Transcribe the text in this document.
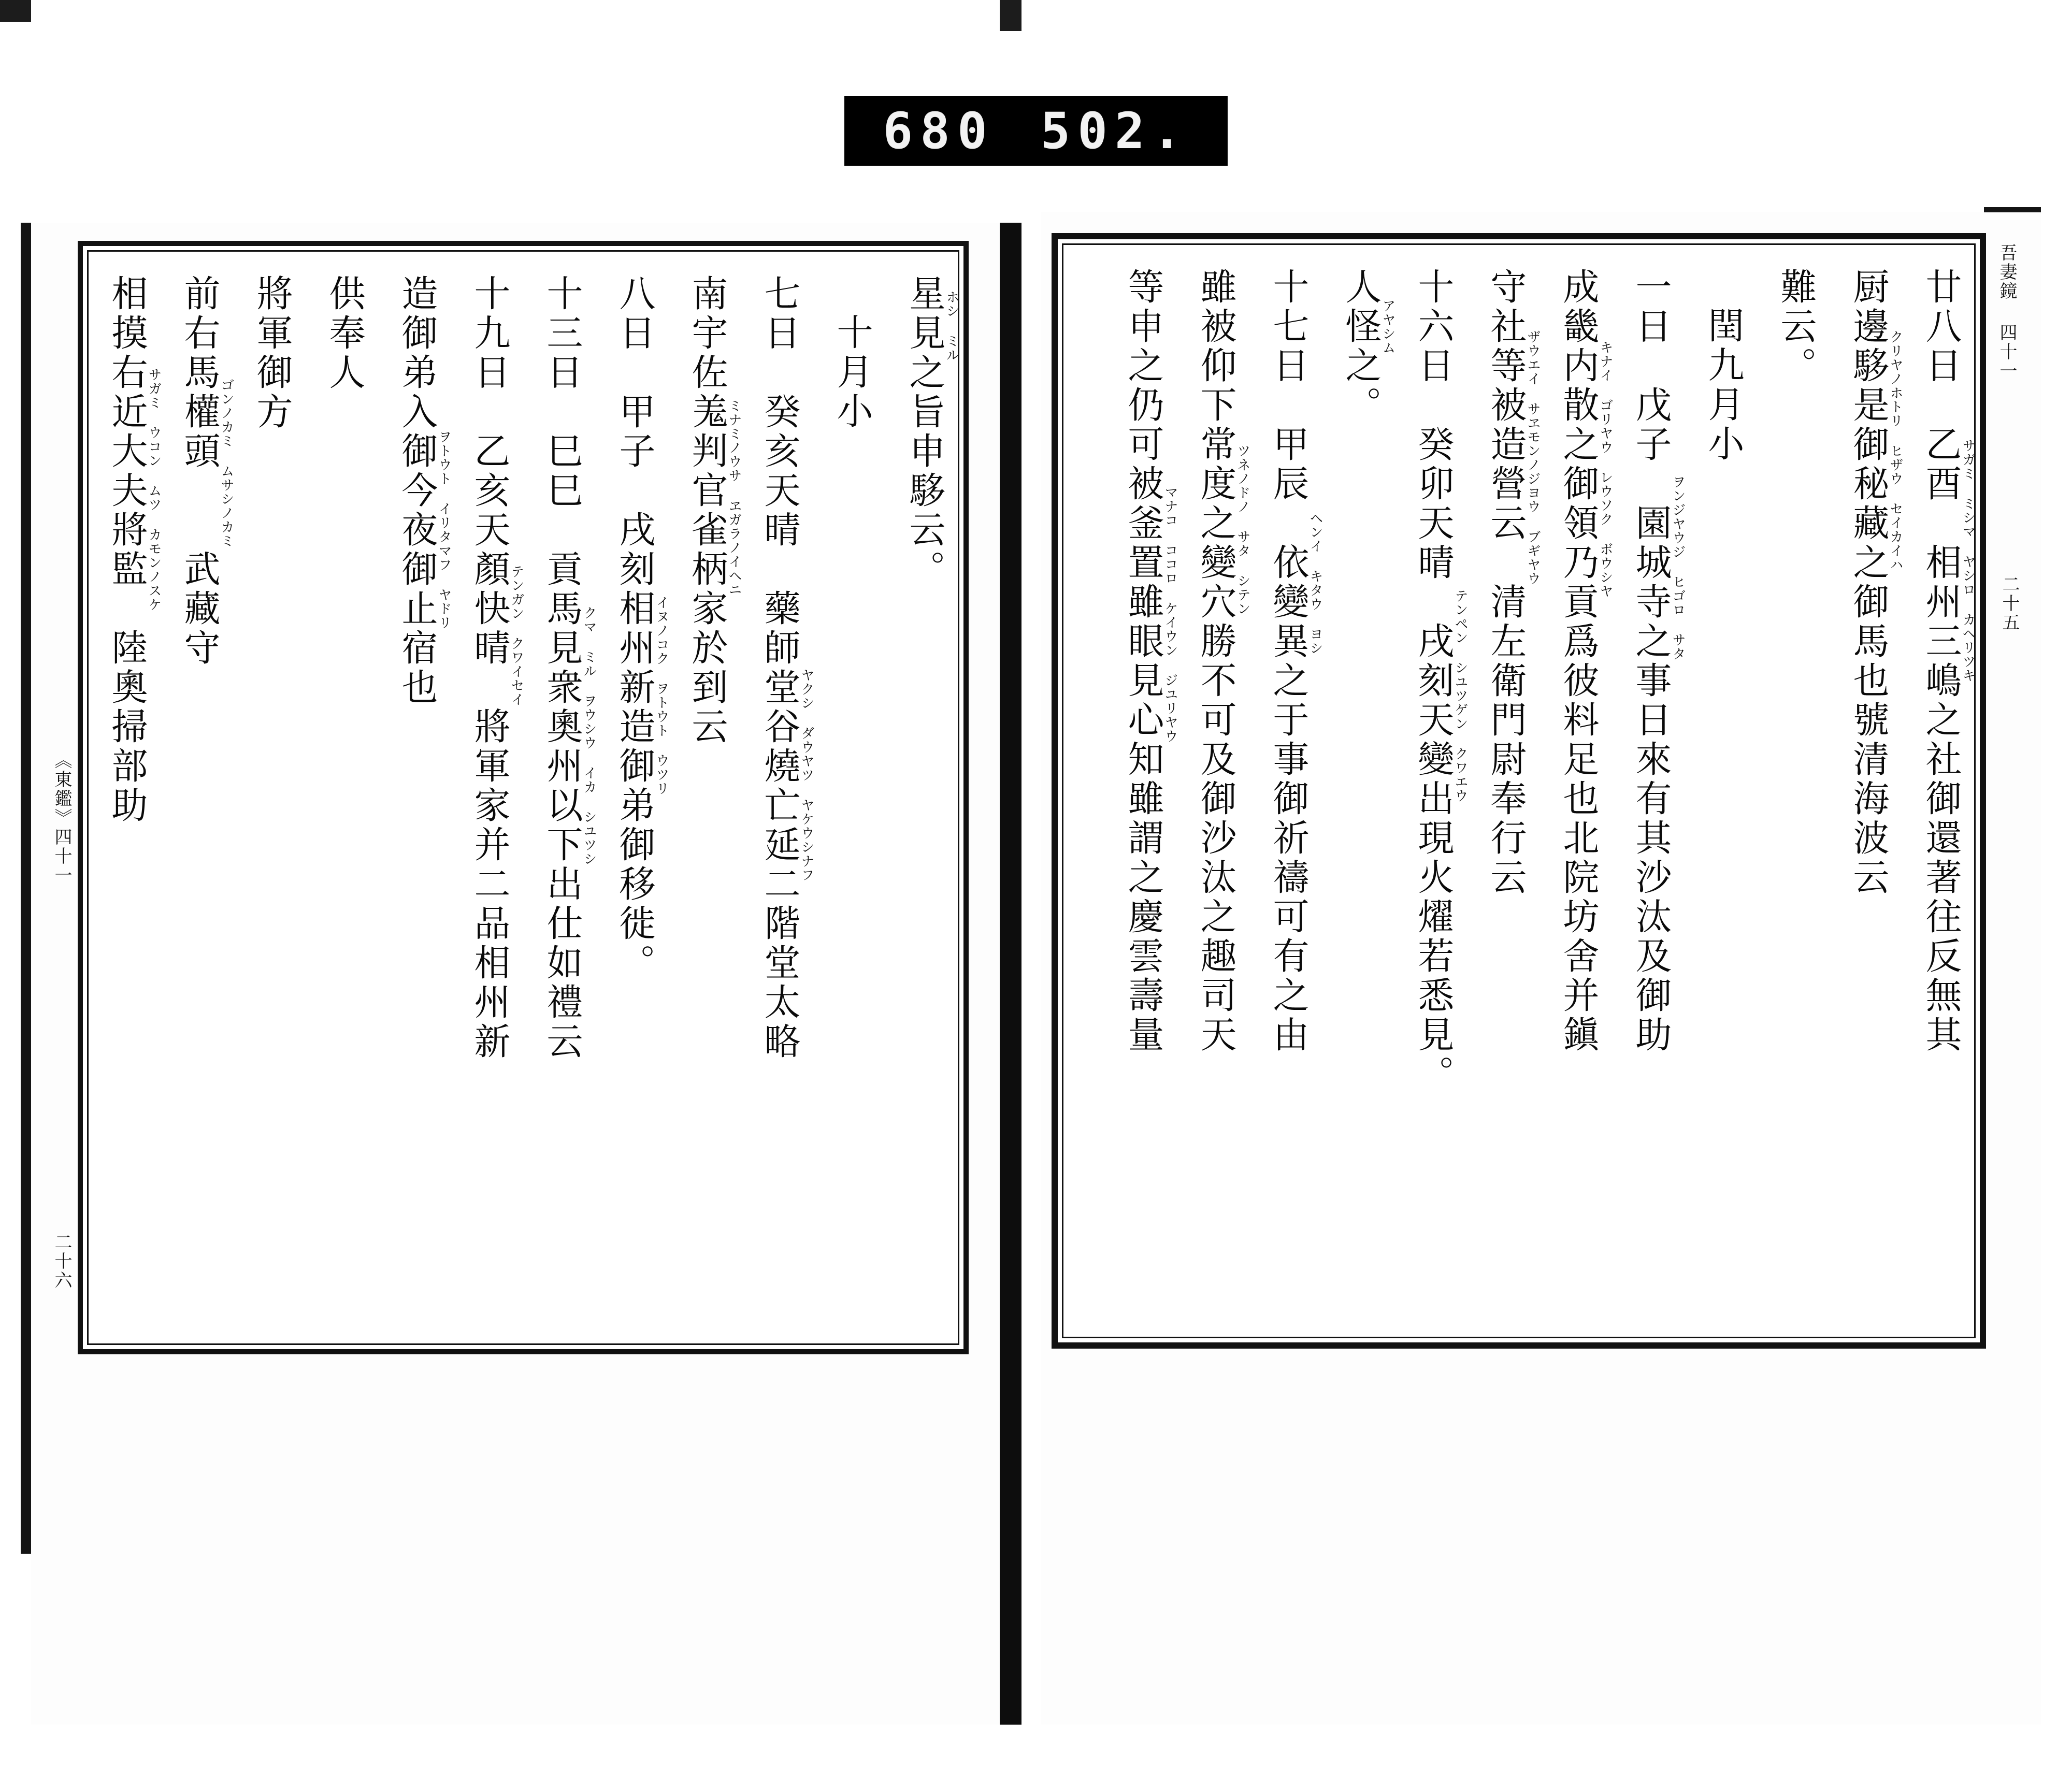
680 502.
《東鑑》四十一
二十六
星見之旨申䮈云。
ホシ ミル
十月小
七日　癸亥天晴　藥師堂谷燒亡延二階堂太略
ヤクシ ダウヤツ ヤケウシナフ
南宇佐羗判官雀柄家於到云
ミナミノウサ ヱガラノイヘニ
八日　甲子　戌刻相州新造御弟御移徙。
イヌノコク ヲトウト ウツリ
十三日　巳巳　貢馬見衆奧州以下出仕如禮云
クマ ミル ヲウシウ イカ シユツシ
十九日　乙亥天顏快晴　將軍家并二品相州新
テンガン クワイセイ
造御弟入御今夜御止宿也
ヲトウト イリタマフ ヤドリ
供奉人
將軍御方
前右馬權頭　　武藏守
ゴンノカミ ムサシノカミ
相摸右近大夫將監　陸奧掃部助
サガミ ウコン ムツ カモンノスケ
吾妻鏡 四十一
二十五
廿八日　乙酉　相州三嶋之社御還著往反無其
サガミ ミシマ ヤシロ カヘリツキ
厨邊䮈是御秘藏之御馬也號清海波云
クリヤノホトリ ヒザウ セイカイハ
難云。
閏九月小
一日　戊子　園城寺之事日來有其沙汰及御助
ヲンジヤウジ ヒゴロ サタ
成畿内散之御領乃貢爲彼料足也北院坊舍并鎭
キナイ ゴリヤウ レウソク ボウシヤ
守社等被造營云　清左衛門尉奉行云
ザウエイ サヱモンノジヨウ ブギヤウ
十六日　癸卯天晴　戌刻天變出現火燿若悉見。
テンペン シユツゲン クワエウ
人怪之。
アヤシム
十七日　甲辰　依變異之于事御祈禱可有之由
ヘンイ キタウ ヨシ
雖被仰下常度之變穴勝不可及御沙汰之趣司天
ツネノドノ サタ シテン
等申之仍可被釜置雖眼見心知雖謂之慶雲壽量
マナコ ココロ ケイウン ジユリヤウ
